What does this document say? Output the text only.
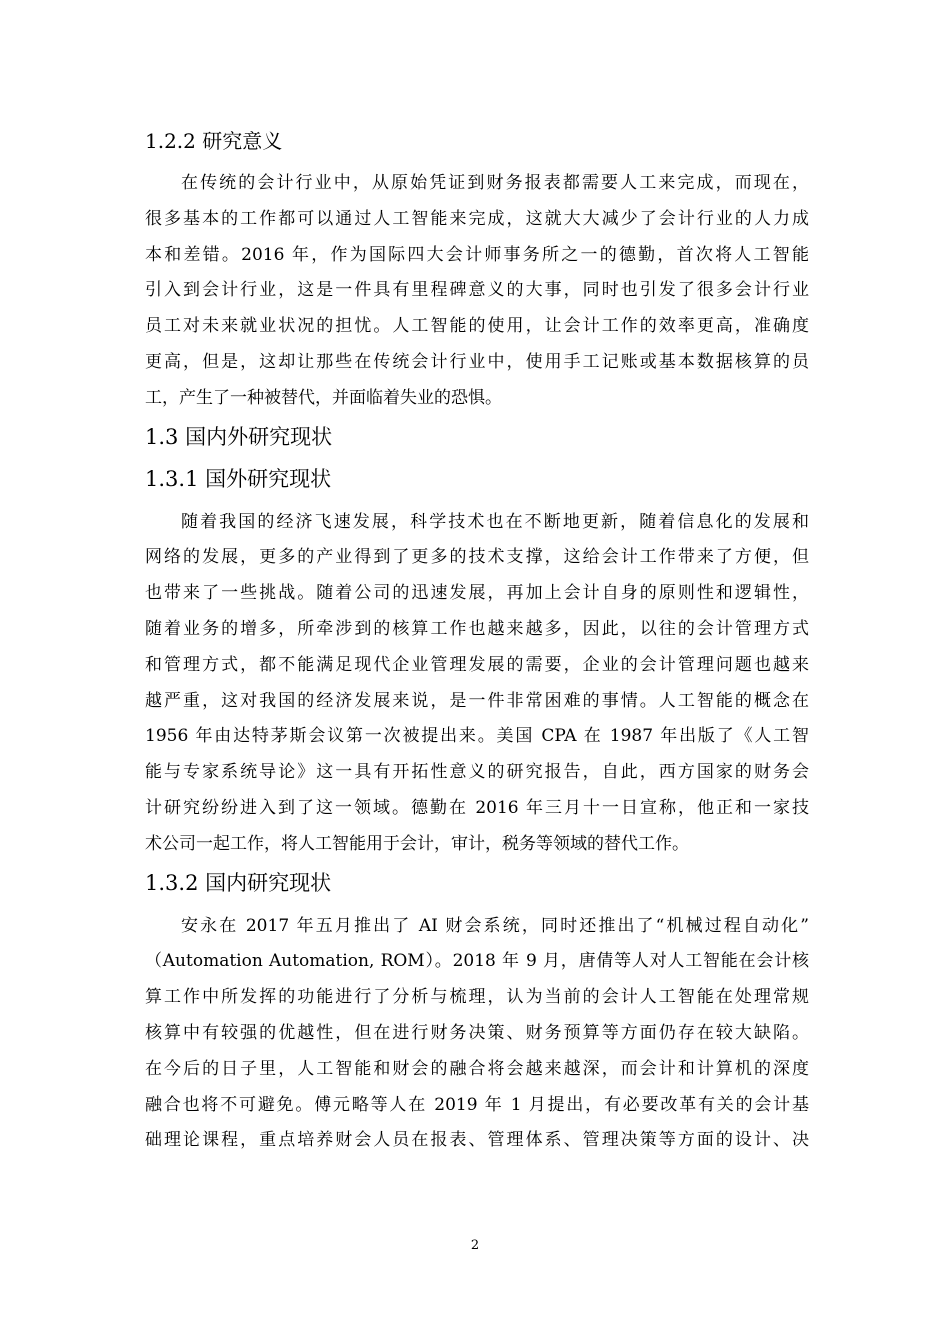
1.2.2 研究意义
在传统的会计行业中，从原始凭证到财务报表都需要人工来完成，而现在，
很多基本的工作都可以通过人工智能来完成，这就大大减少了会计行业的人力成
本和差错。2016 年，作为国际四大会计师事务所之一的德勤，首次将人工智能
引入到会计行业，这是一件具有里程碑意义的大事，同时也引发了很多会计行业
员工对未来就业状况的担忧。人工智能的使用，让会计工作的效率更高，准确度
更高，但是，这却让那些在传统会计行业中，使用手工记账或基本数据核算的员
工，产生了一种被替代，并面临着失业的恐惧。
1.3 国内外研究现状
1.3.1 国外研究现状
随着我国的经济飞速发展，科学技术也在不断地更新，随着信息化的发展和
网络的发展，更多的产业得到了更多的技术支撑，这给会计工作带来了方便，但
也带来了一些挑战。随着公司的迅速发展，再加上会计自身的原则性和逻辑性，
随着业务的增多，所牵涉到的核算工作也越来越多，因此，以往的会计管理方式
和管理方式，都不能满足现代企业管理发展的需要，企业的会计管理问题也越来
越严重，这对我国的经济发展来说，是一件非常困难的事情。人工智能的概念在
1956 年由达特茅斯会议第一次被提出来。美国 CPA 在 1987 年出版了《人工智
能与专家系统导论》这一具有开拓性意义的研究报告，自此，西方国家的财务会
计研究纷纷进入到了这一领域。德勤在 2016 年三月十一日宣称，他正和一家技
术公司一起工作，将人工智能用于会计，审计，税务等领域的替代工作。
1.3.2 国内研究现状
安永在 2017 年五月推出了 AI 财会系统，同时还推出了“机械过程自动化”
（Automation Automation, ROM）。2018 年 9 月，唐倩等人对人工智能在会计核
算工作中所发挥的功能进行了分析与梳理，认为当前的会计人工智能在处理常规
核算中有较强的优越性，但在进行财务决策、财务预算等方面仍存在较大缺陷。
在今后的日子里，人工智能和财会的融合将会越来越深，而会计和计算机的深度
融合也将不可避免。傅元略等人在 2019 年 1 月提出，有必要改革有关的会计基
础理论课程，重点培养财会人员在报表、管理体系、管理决策等方面的设计、决
2
